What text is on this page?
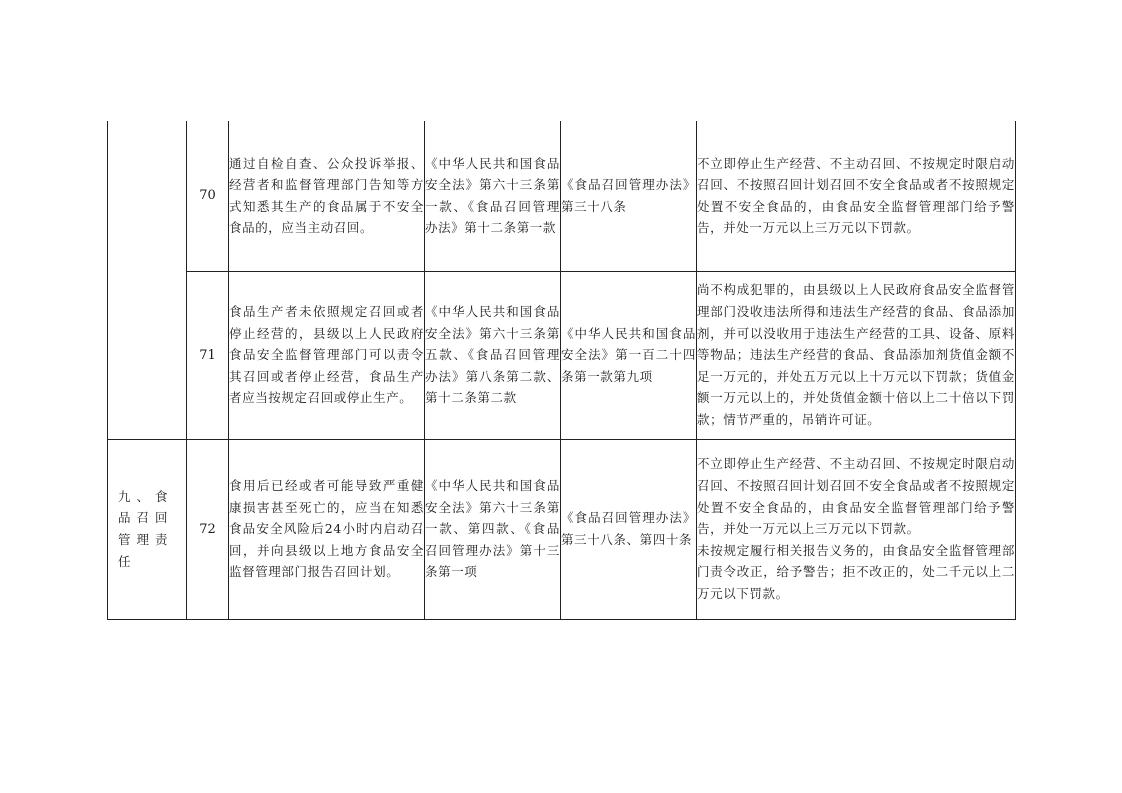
	70	通过自检自查、公众投诉举报、经营者和监督管理部门告知等方式知悉其生产的食品属于不安全食品的，应当主动召回。	《中华人民共和国食品安全法》第六十三条第一款、《食品召回管理办法》第十二条第一款	《食品召回管理办法》第三十八条	不立即停止生产经营、不主动召回、不按规定时限启动召回、不按照召回计划召回不安全食品或者不按照规定处置不安全食品的，由食品安全监督管理部门给予警告，并处一万元以上三万元以下罚款。

	71	食品生产者未依照规定召回或者停止经营的，县级以上人民政府食品安全监督管理部门可以责令其召回或者停止经营，食品生产者应当按规定召回或停止生产。	《中华人民共和国食品安全法》第六十三条第五款、《食品召回管理办法》第八条第二款、第十二条第二款	《中华人民共和国食品安全法》第一百二十四条第一款第九项	尚不构成犯罪的，由县级以上人民政府食品安全监督管理部门没收违法所得和违法生产经营的食品、食品添加剂，并可以没收用于违法生产经营的工具、设备、原料等物品；违法生产经营的食品、食品添加剂货值金额不足一万元的，并处五万元以上十万元以下罚款；货值金额一万元以上的，并处货值金额十倍以上二十倍以下罚款；情节严重的，吊销许可证。

九、食品召回管理责任	72	食用后已经或者可能导致严重健康损害甚至死亡的，应当在知悉食品安全风险后24小时内启动召回，并向县级以上地方食品安全监督管理部门报告召回计划。	《中华人民共和国食品安全法》第六十三条第一款、第四款、《食品召回管理办法》第十三条第一项	《食品召回管理办法》第三十八条、第四十条	不立即停止生产经营、不主动召回、不按规定时限启动召回、不按照召回计划召回不安全食品或者不按照规定处置不安全食品的，由食品安全监督管理部门给予警告，并处一万元以上三万元以下罚款。
未按规定履行相关报告义务的，由食品安全监督管理部门责令改正，给予警告；拒不改正的，处二千元以上二万元以下罚款。
